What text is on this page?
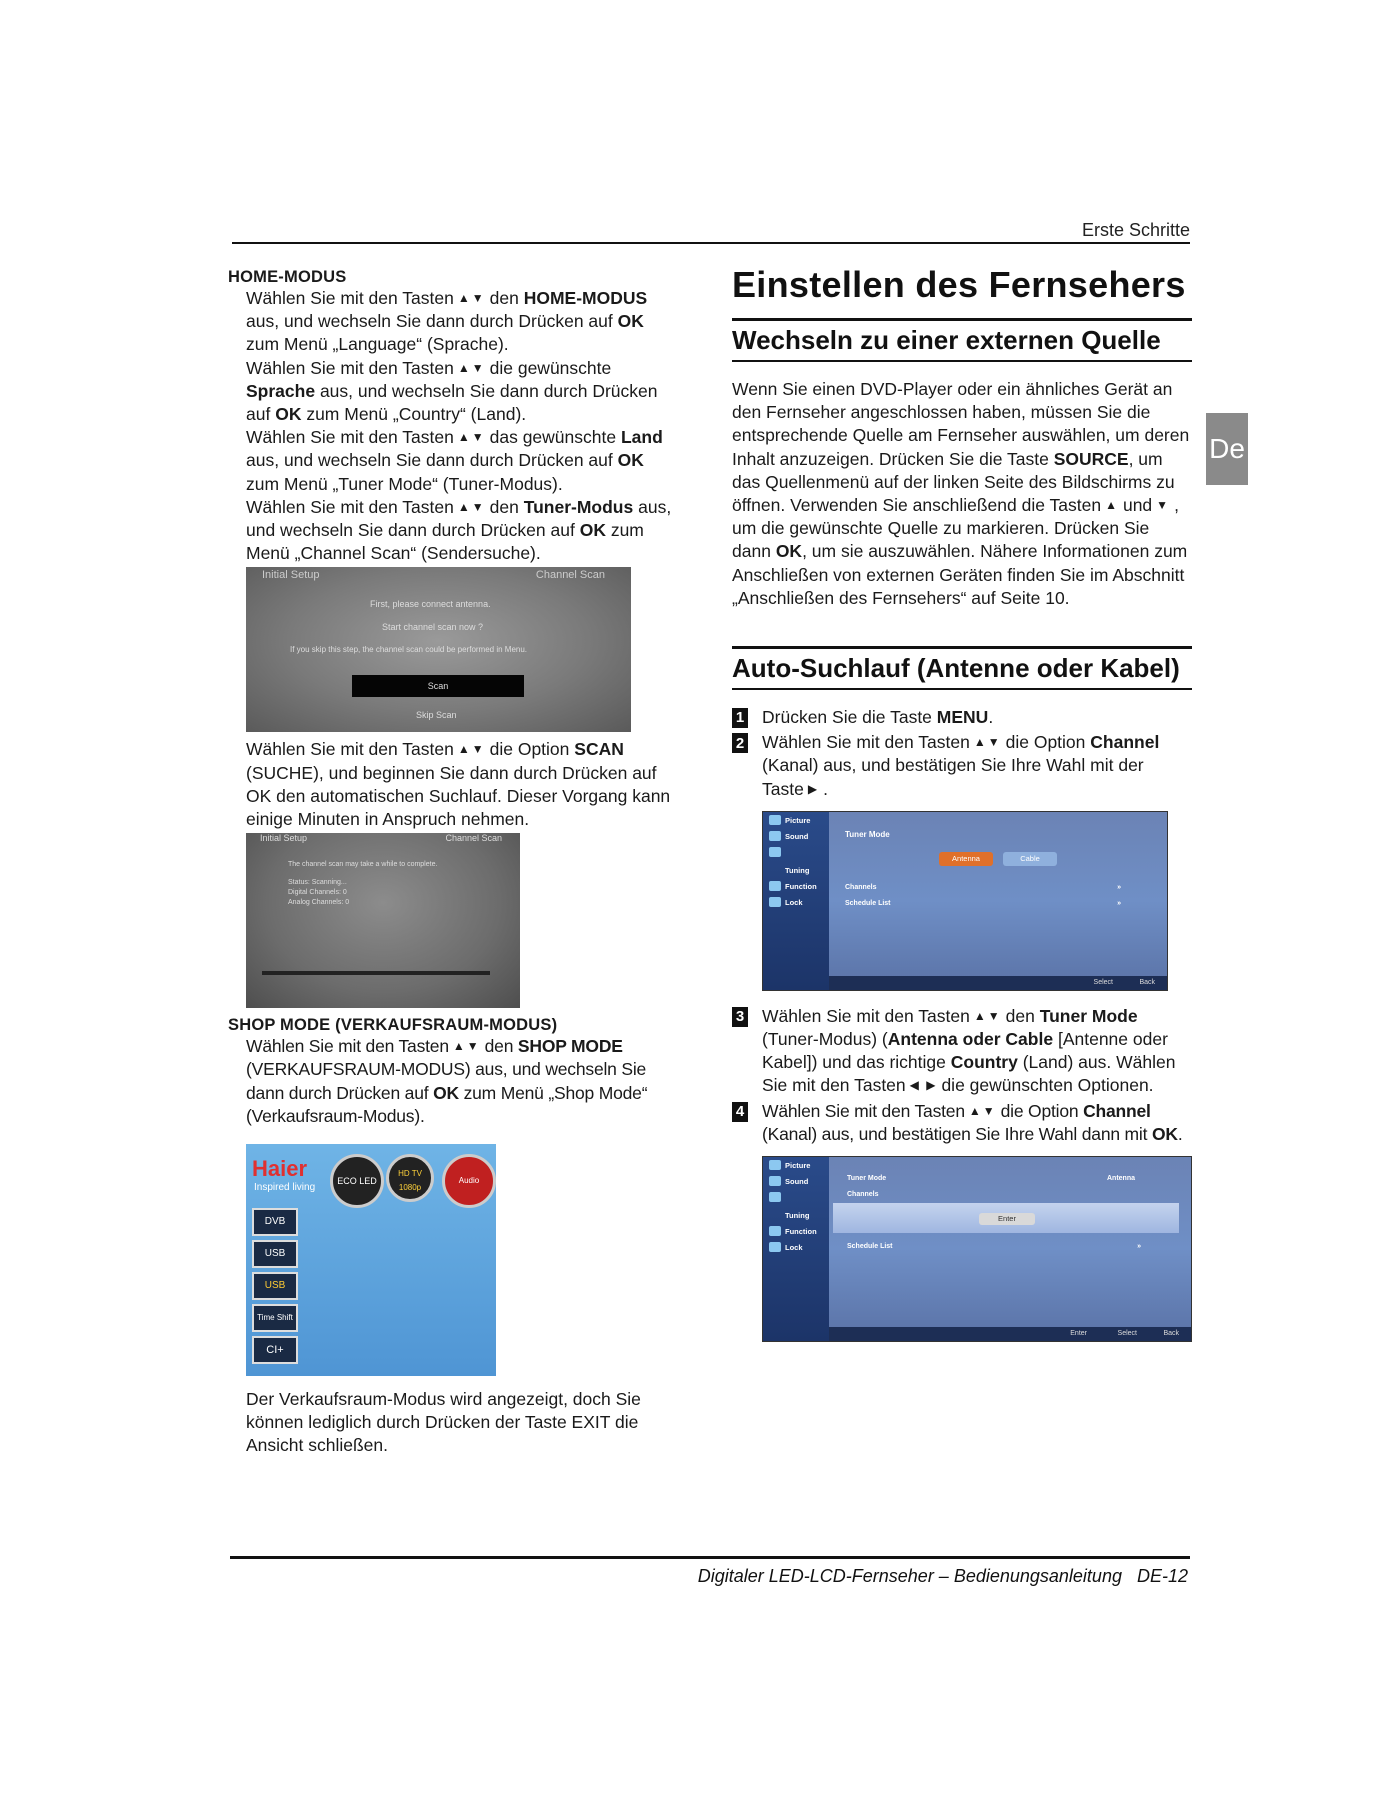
Erste Schritte
De
HOME-MODUS
Wählen Sie mit den Tasten ▲▼ den HOME-MODUS aus, und wechseln Sie dann durch Drücken auf OK zum Menü „Language“ (Sprache).
Wählen Sie mit den Tasten ▲▼ die gewünschte Sprache aus, und wechseln Sie dann durch Drücken auf OK zum Menü „Country“ (Land).
Wählen Sie mit den Tasten ▲▼ das gewünschte Land aus, und wechseln Sie dann durch Drücken auf OK zum Menü „Tuner Mode“ (Tuner-Modus).
Wählen Sie mit den Tasten ▲▼ den Tuner-Modus aus, und wechseln Sie dann durch Drücken auf OK zum Menü „Channel Scan“ (Sendersuche).
Initial Setup	Channel Scan
First, please connect antenna.
Start channel scan now ?
If you skip this step, the channel scan could be performed in Menu.
Scan
Skip Scan
Wählen Sie mit den Tasten ▲▼ die Option SCAN (SUCHE), und beginnen Sie dann durch Drücken auf OK den automatischen Suchlauf. Dieser Vorgang kann einige Minuten in Anspruch nehmen.
Initial Setup	Channel Scan
The channel scan may take a while to complete.
Status: Scanning...
Digital Channels: 0
Analog Channels: 0
SHOP MODE (VERKAUFSRAUM-MODUS)
Wählen Sie mit den Tasten ▲▼ den SHOP MODE (VERKAUFSRAUM-MODUS) aus, und wechseln Sie dann durch Drücken auf OK zum Menü „Shop Mode“ (Verkaufsraum-Modus).
Haier
Inspired living
ECO LED
HD TV 1080p
Audio
DVB
USB
USB
Time Shift
CI+
Der Verkaufsraum-Modus wird angezeigt, doch Sie können lediglich durch Drücken der Taste EXIT die Ansicht schließen.
Einstellen des Fernsehers
Wechseln zu einer externen Quelle
Wenn Sie einen DVD-Player oder ein ähnliches Gerät an den Fernseher angeschlossen haben, müssen Sie die entsprechende Quelle am Fernseher auswählen, um deren Inhalt anzuzeigen. Drücken Sie die Taste SOURCE, um das Quellenmenü auf der linken Seite des Bildschirms zu öffnen. Verwenden Sie anschließend die Tasten ▲ und ▼ , um die gewünschte Quelle zu markieren. Drücken Sie dann OK, um sie auszuwählen. Nähere Informationen zum Anschließen von externen Geräten finden Sie im Abschnitt „Anschließen des Fernsehers“ auf Seite 10.
Auto-Suchlauf (Antenne oder Kabel)
1 Drücken Sie die Taste MENU.
2 Wählen Sie mit den Tasten ▲▼ die Option Channel (Kanal) aus, und bestätigen Sie Ihre Wahl mit der Taste ▶ .
Picture
Sound
Tuning
Function
Lock
Tuner Mode
Antenna	Cable
Channels	»
Schedule List	»
Select	Back
3 Wählen Sie mit den Tasten ▲▼ den Tuner Mode (Tuner-Modus) (Antenna oder Cable [Antenne oder Kabel]) und das richtige Country (Land) aus. Wählen Sie mit den Tasten ◀ ▶ die gewünschten Optionen.
4 Wählen Sie mit den Tasten ▲▼ die Option Channel (Kanal) aus, und bestätigen Sie Ihre Wahl dann mit OK.
Picture
Sound
Tuning
Function
Lock
Tuner Mode	Antenna
Channels
Enter
Schedule List	»
Enter	Select	Back
Digitaler LED-LCD-Fernseher – Bedienungsanleitung   DE-12
